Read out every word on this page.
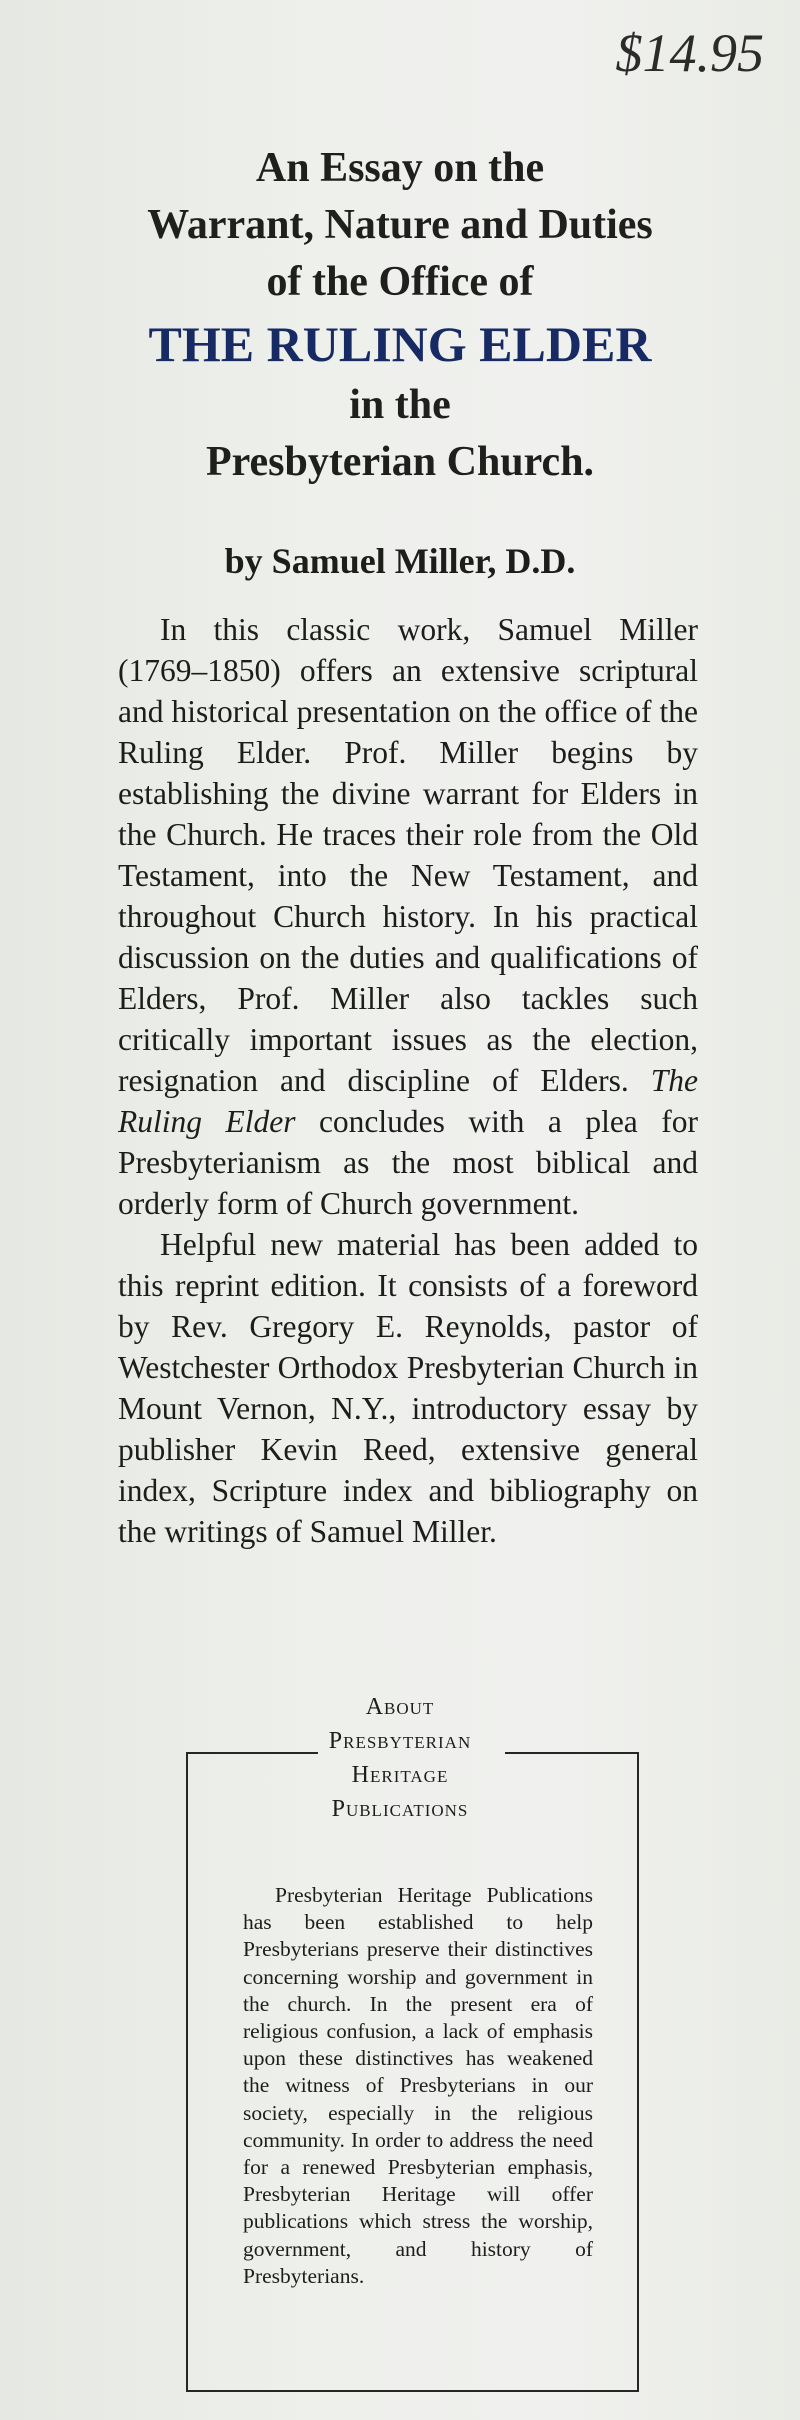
$14.95
An Essay on the
Warrant, Nature and Duties
of the Office of
THE RULING ELDER
in the
Presbyterian Church.
by Samuel Miller, D.D.

In this classic work, Samuel Miller (1769–1850) offers an extensive scriptural and historical presentation on the office of the Ruling Elder. Prof. Miller begins by establishing the divine warrant for Elders in the Church. He traces their role from the Old Testament, into the New Testament, and throughout Church history. In his practical discussion on the duties and qualifications of Elders, Prof. Miller also tackles such critically important issues as the election, resignation and discipline of Elders. The Ruling Elder concludes with a plea for Presbyterianism as the most biblical and orderly form of Church government.

Helpful new material has been added to this reprint edition. It consists of a foreword by Rev. Gregory E. Reynolds, pastor of Westchester Orthodox Presbyterian Church in Mount Vernon, N.Y., introductory essay by publisher Kevin Reed, extensive general index, Scripture index and bibliography on the writings of Samuel Miller.

About
Presbyterian
Heritage
Publications

Presbyterian Heritage Publications has been established to help Presbyterians preserve their distinctives concerning worship and government in the church. In the present era of religious confusion, a lack of emphasis upon these distinctives has weakened the witness of Presbyterians in our society, especially in the religious community. In order to address the need for a renewed Presbyterian emphasis, Presbyterian Heritage will offer publications which stress the worship, government, and history of Presbyterians.
